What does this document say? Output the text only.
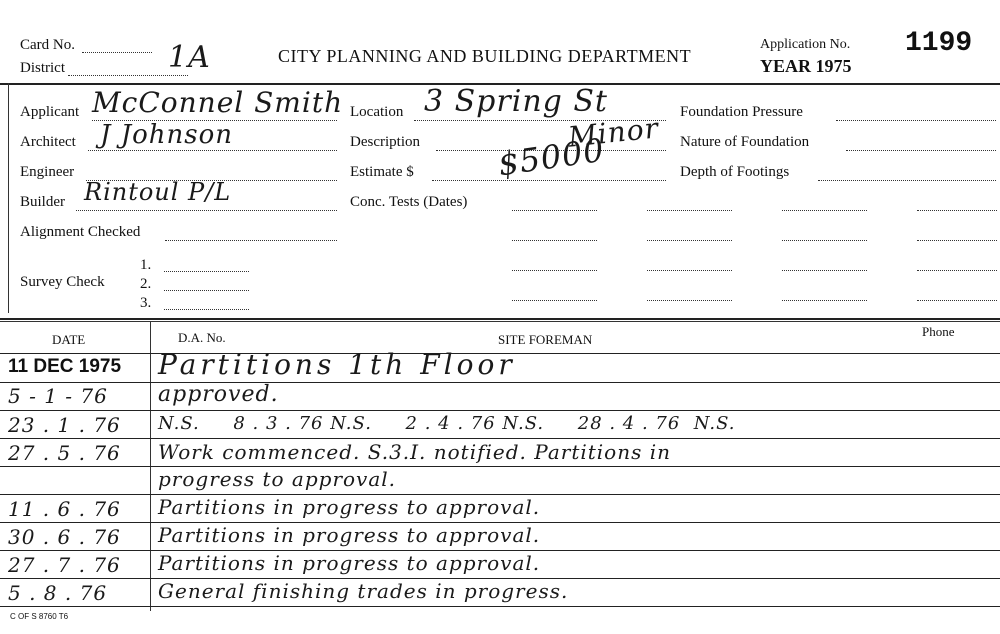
Card No.
District	1A	CITY PLANNING AND BUILDING DEPARTMENT
Application No.
YEAR 1975
1199
Applicant McConnel Smith
Architect J Johnson
Engineer
Builder Rintoul P/L
Alignment Checked
Survey Check
1.
2.
3.
Location 3 Spring St
Description	Minor
Estimate $	$5000
Conc. Tests (Dates)
Foundation Pressure
Nature of Foundation
Depth of Footings
DATE	D.A. No.	SITE FOREMAN
Phone
11 DEC 1975	Partitions 1th Floor
5 - 1 - 76	approved.
23 . 1 . 76	N.S.     8 . 3 . 76 N.S.     2 . 4 . 76 N.S.     28 . 4 . 76  N.S.
27 . 5 . 76	Work commenced. S.3.I. notified. Partitions in
progress to approval.
11 . 6 . 76	Partitions in progress to approval.
30 . 6 . 76	Partitions in progress to approval.
27 . 7 . 76	Partitions in progress to approval.
5 . 8 . 76	General finishing trades in progress.
C OF S 8760 T6
